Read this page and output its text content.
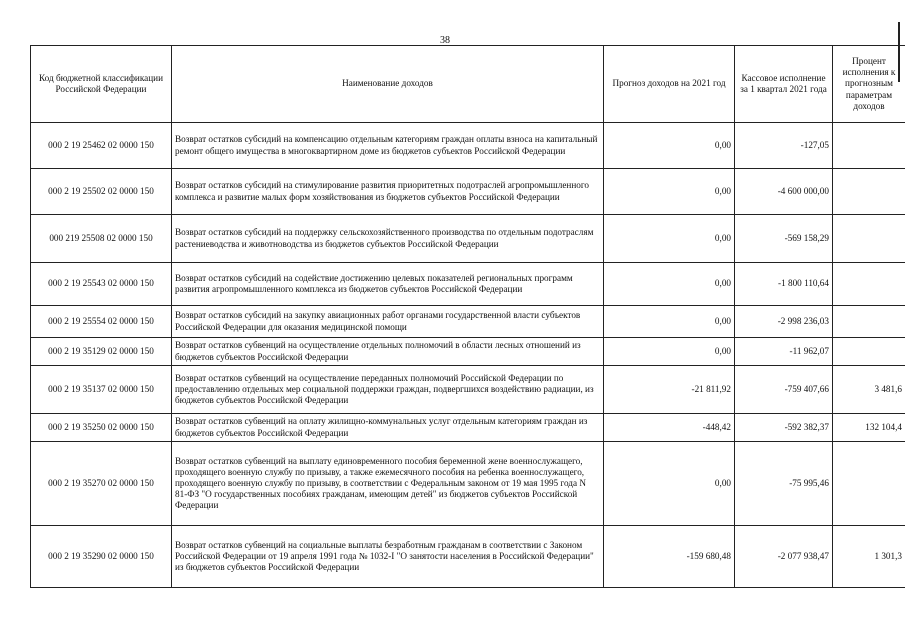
38
Код бюджетной классификации Российской Федерации	Наименование доходов	Прогноз доходов на 2021 год	Кассовое исполнение за 1 квартал 2021 года	Процент исполнения к прогнозным параметрам доходов
000 2 19 25462 02 0000 150	Возврат остатков субсидий на компенсацию отдельным категориям граждан оплаты взноса на капитальный ремонт общего имущества в многоквартирном доме из бюджетов субъектов Российской Федерации	0,00	-127,05	
000 2 19 25502 02 0000 150	Возврат остатков субсидий на стимулирование развития приоритетных подотраслей агропромышленного комплекса и развитие малых форм хозяйствования из бюджетов субъектов Российской Федерации	0,00	-4 600 000,00	
000 219 25508 02 0000 150	Возврат остатков субсидий на поддержку сельскохозяйственного производства по отдельным подотраслям растениеводства и животноводства из бюджетов субъектов Российской Федерации	0,00	-569 158,29	
000 2 19 25543 02 0000 150	Возврат остатков субсидий на содействие достижению целевых показателей региональных программ развития агропромышленного комплекса из бюджетов субъектов Российской Федерации	0,00	-1 800 110,64	
000 2 19 25554 02 0000 150	Возврат остатков субсидий на закупку авиационных работ органами государственной власти субъектов Российской Федерации для оказания медицинской помощи	0,00	-2 998 236,03	
000 2 19 35129 02 0000 150	Возврат остатков субвенций на осуществление отдельных полномочий в области лесных отношений из бюджетов субъектов Российской Федерации	0,00	-11 962,07	
000 2 19 35137 02 0000 150	Возврат остатков субвенций на осуществление переданных полномочий Российской Федерации по предоставлению отдельных мер социальной поддержки граждан, подвергшихся воздействию радиации, из бюджетов субъектов Российской Федерации	-21 811,92	-759 407,66	3 481,6
000 2 19 35250 02 0000 150	Возврат остатков субвенций на оплату жилищно-коммунальных услуг отдельным категориям граждан из бюджетов субъектов Российской Федерации	-448,42	-592 382,37	132 104,4
000 2 19 35270 02 0000 150	Возврат остатков субвенций на выплату единовременного пособия беременной жене военнослужащего, проходящего военную службу по призыву, а также ежемесячного пособия на ребенка военнослужащего, проходящего военную службу по призыву, в соответствии с Федеральным законом от 19 мая 1995 года N 81-ФЗ "О государственных пособиях гражданам, имеющим детей" из бюджетов субъектов Российской Федерации	0,00	-75 995,46	
000 2 19 35290 02 0000 150	Возврат остатков субвенций на социальные выплаты безработным гражданам в соответствии с Законом Российской Федерации от 19 апреля 1991 года № 1032-I "О занятости населения в Российской Федерации" из бюджетов субъектов Российской Федерации	-159 680,48	-2 077 938,47	1 301,3
